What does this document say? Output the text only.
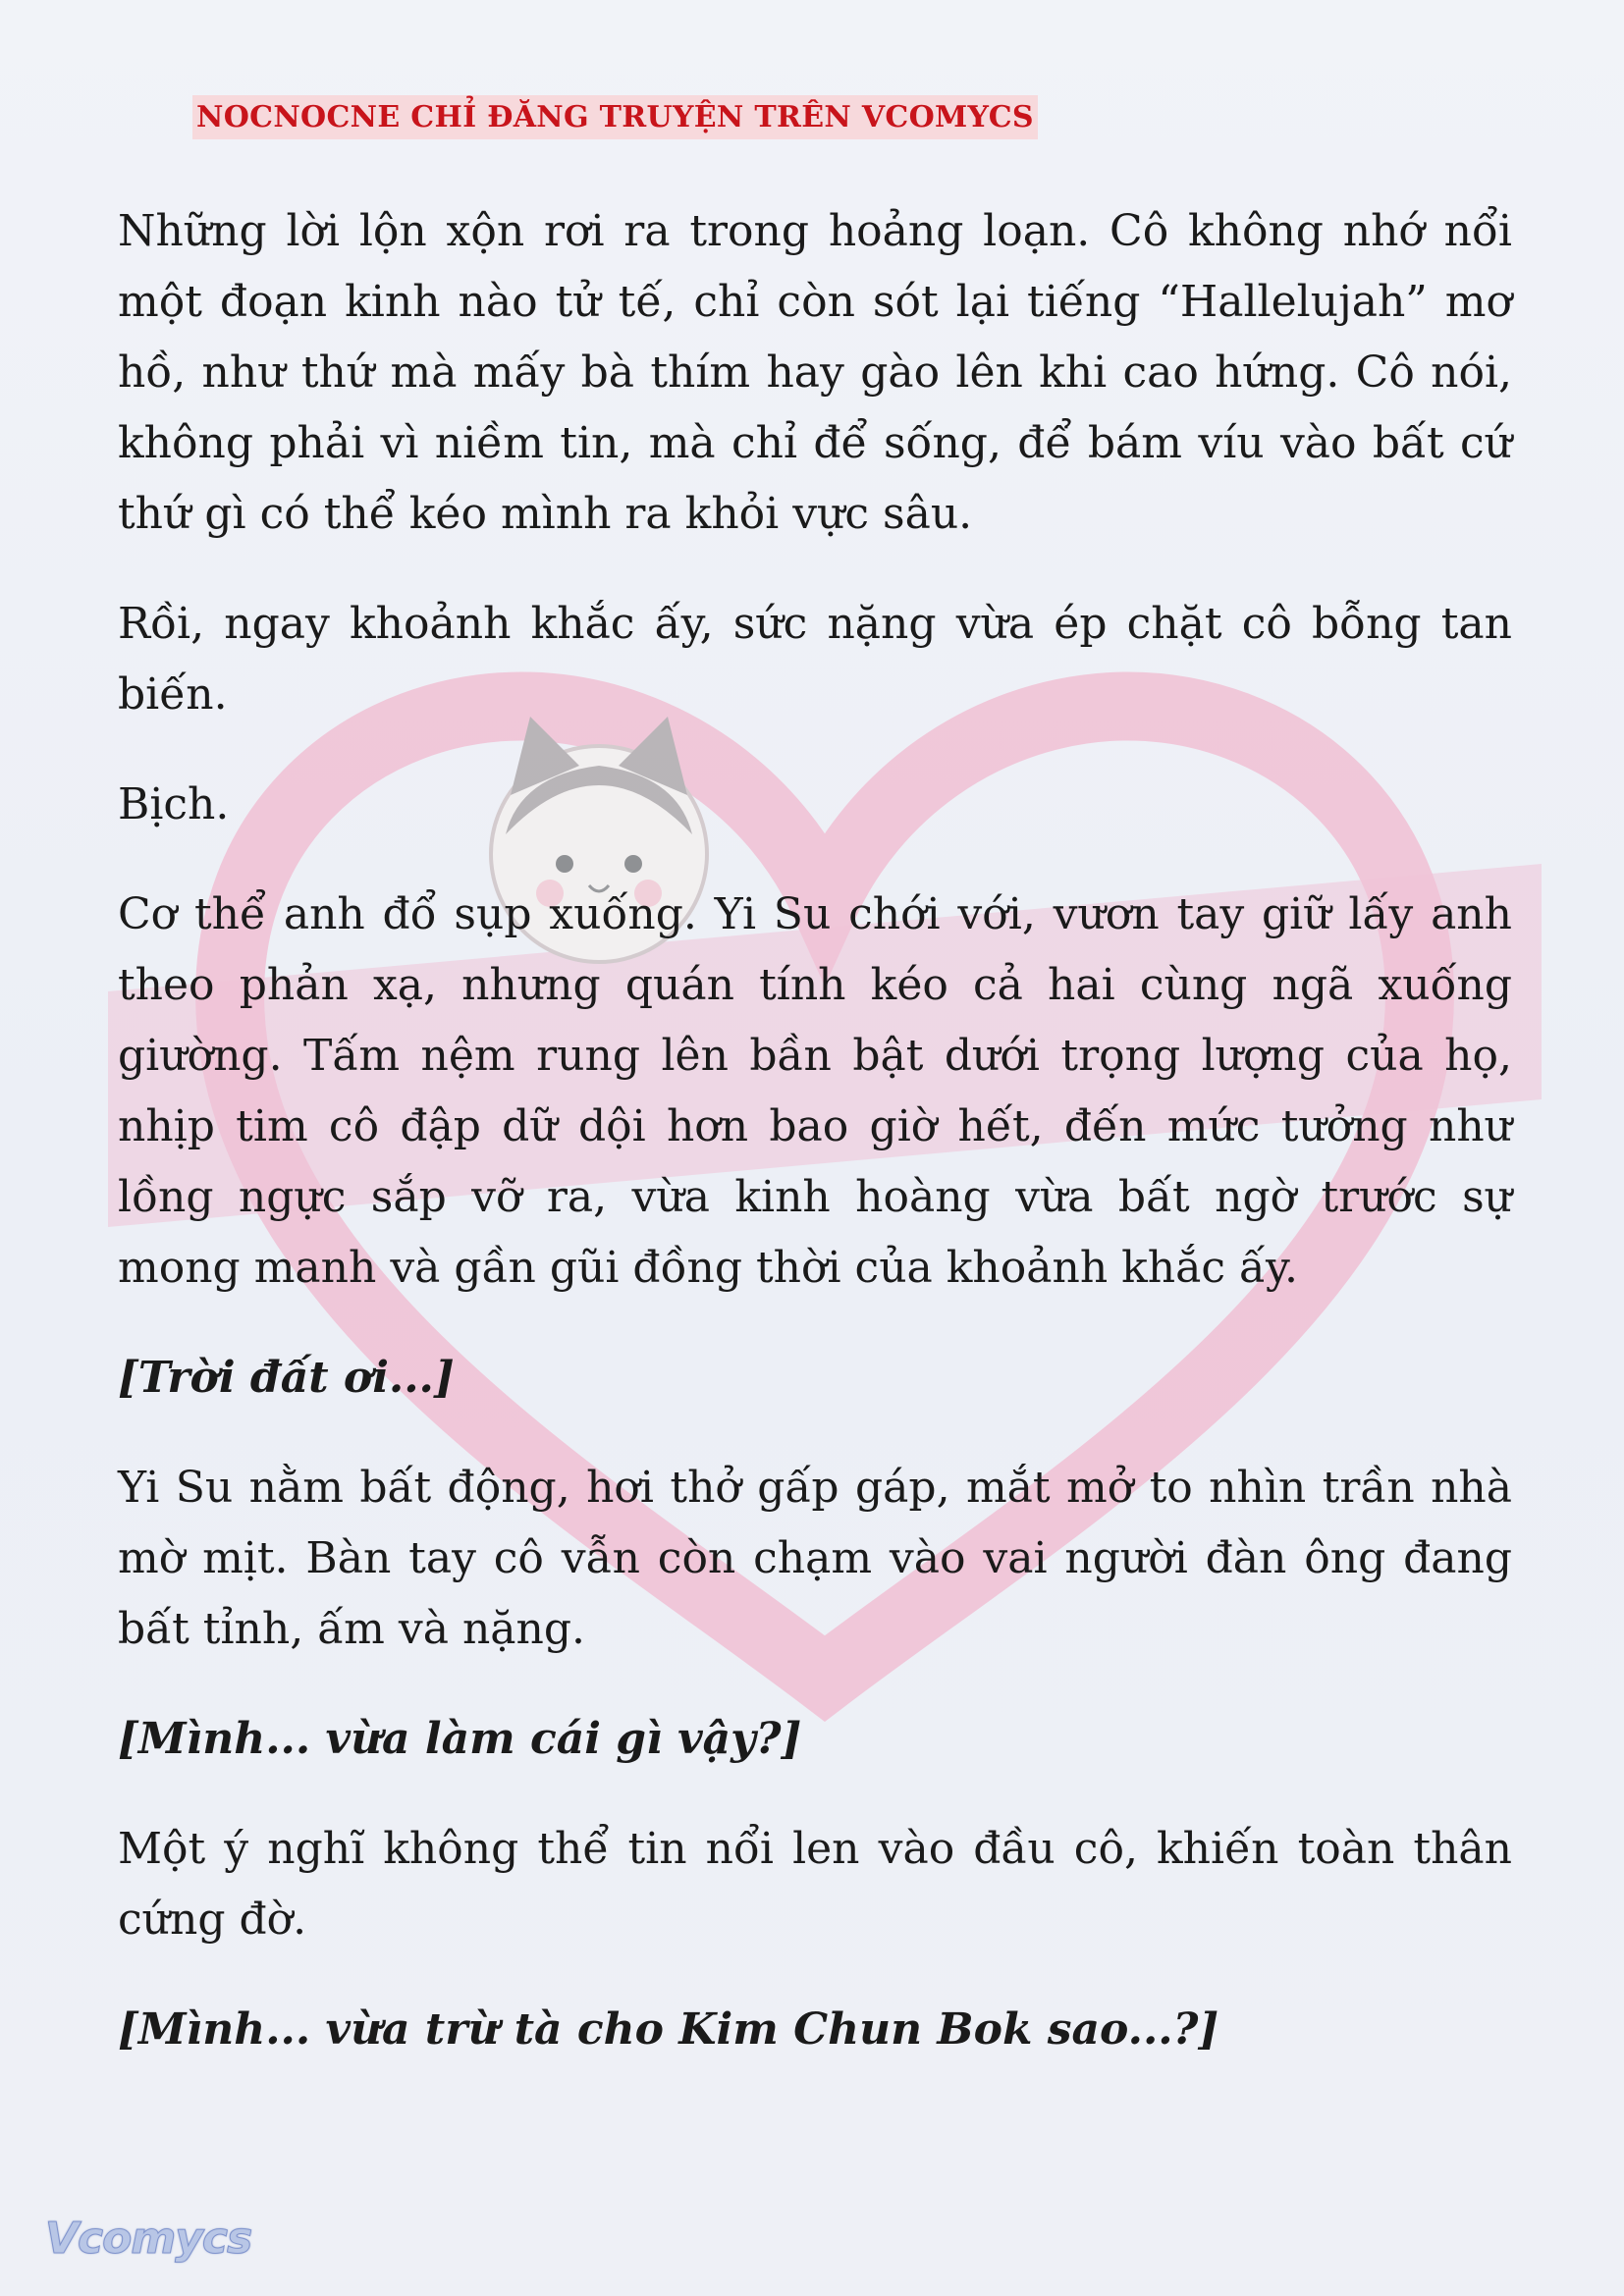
NOCNOCNE CHỈ ĐĂNG TRUYỆN TRÊN VCOMYCS

Những lời lộn xộn rơi ra trong hoảng loạn. Cô không nhớ nổi một đoạn kinh nào tử tế, chỉ còn sót lại tiếng “Hallelujah” mơ hồ, như thứ mà mấy bà thím hay gào lên khi cao hứng. Cô nói, không phải vì niềm tin, mà chỉ để sống, để bám víu vào bất cứ thứ gì có thể kéo mình ra khỏi vực sâu.

Rồi, ngay khoảnh khắc ấy, sức nặng vừa ép chặt cô bỗng tan biến.

Bịch.

Cơ thể anh đổ sụp xuống. Yi Su chới với, vươn tay giữ lấy anh theo phản xạ, nhưng quán tính kéo cả hai cùng ngã xuống giường. Tấm nệm rung lên bần bật dưới trọng lượng của họ, nhịp tim cô đập dữ dội hơn bao giờ hết, đến mức tưởng như lồng ngực sắp vỡ ra, vừa kinh hoàng vừa bất ngờ trước sự mong manh và gần gũi đồng thời của khoảnh khắc ấy.

[Trời đất ơi...]

Yi Su nằm bất động, hơi thở gấp gáp, mắt mở to nhìn trần nhà mờ mịt. Bàn tay cô vẫn còn chạm vào vai người đàn ông đang bất tỉnh, ấm và nặng.

[Mình... vừa làm cái gì vậy?]

Một ý nghĩ không thể tin nổi len vào đầu cô, khiến toàn thân cứng đờ.

[Mình... vừa trừ tà cho Kim Chun Bok sao...?]

Vcomycs
